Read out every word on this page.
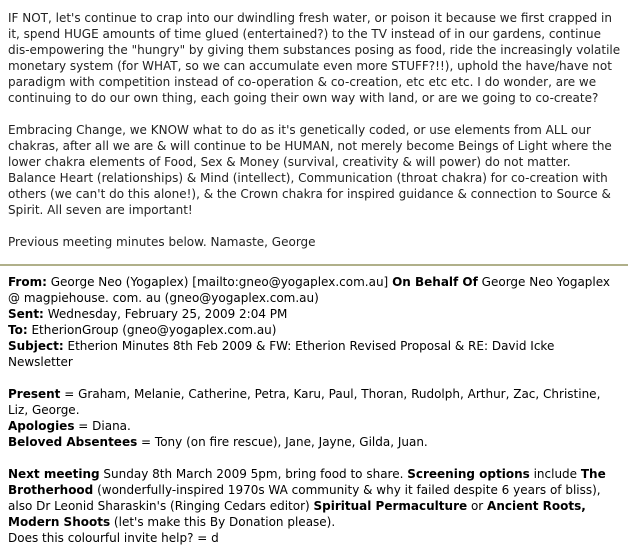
IF NOT, let's continue to crap into our dwindling fresh water, or poison it because we first crapped in it, spend HUGE amounts of time glued (entertained?) to the TV instead of in our gardens, continue dis-empowering the "hungry" by giving them substances posing as food, ride the increasingly volatile monetary system (for WHAT, so we can accumulate even more STUFF?!!), uphold the have/have not paradigm with competition instead of co-operation & co-creation, etc etc etc. I do wonder, are we continuing to do our own thing, each going their own way with land, or are we going to co-create?

Embracing Change, we KNOW what to do as it's genetically coded, or use elements from ALL our chakras, after all we are & will continue to be HUMAN, not merely become Beings of Light where the lower chakra elements of Food, Sex & Money (survival, creativity & will power) do not matter. Balance Heart (relationships) & Mind (intellect), Communication (throat chakra) for co-creation with others (we can't do this alone!), & the Crown chakra for inspired guidance & connection to Source & Spirit. All seven are important!

Previous meeting minutes below. Namaste, George

From: George Neo (Yogaplex) [mailto:gneo@yogaplex.com.au] On Behalf Of George Neo Yogaplex @ magpiehouse. com. au (gneo@yogaplex.com.au)
Sent: Wednesday, February 25, 2009 2:04 PM
To: EtherionGroup (gneo@yogaplex.com.au)
Subject: Etherion Minutes 8th Feb 2009 & FW: Etherion Revised Proposal & RE: David Icke Newsletter
Present = Graham, Melanie, Catherine, Petra, Karu, Paul, Thoran, Rudolph, Arthur, Zac, Christine, Liz, George.
Apologies = Diana.
Beloved Absentees = Tony (on fire rescue), Jane, Jayne, Gilda, Juan.
Next meeting Sunday 8th March 2009 5pm, bring food to share. Screening options include The Brotherhood (wonderfully-inspired 1970s WA community & why it failed despite 6 years of bliss), also Dr Leonid Sharaskin's (Ringing Cedars editor) Spiritual Permaculture or Ancient Roots, Modern Shoots (let's make this By Donation please).
Does this colourful invite help? = d
